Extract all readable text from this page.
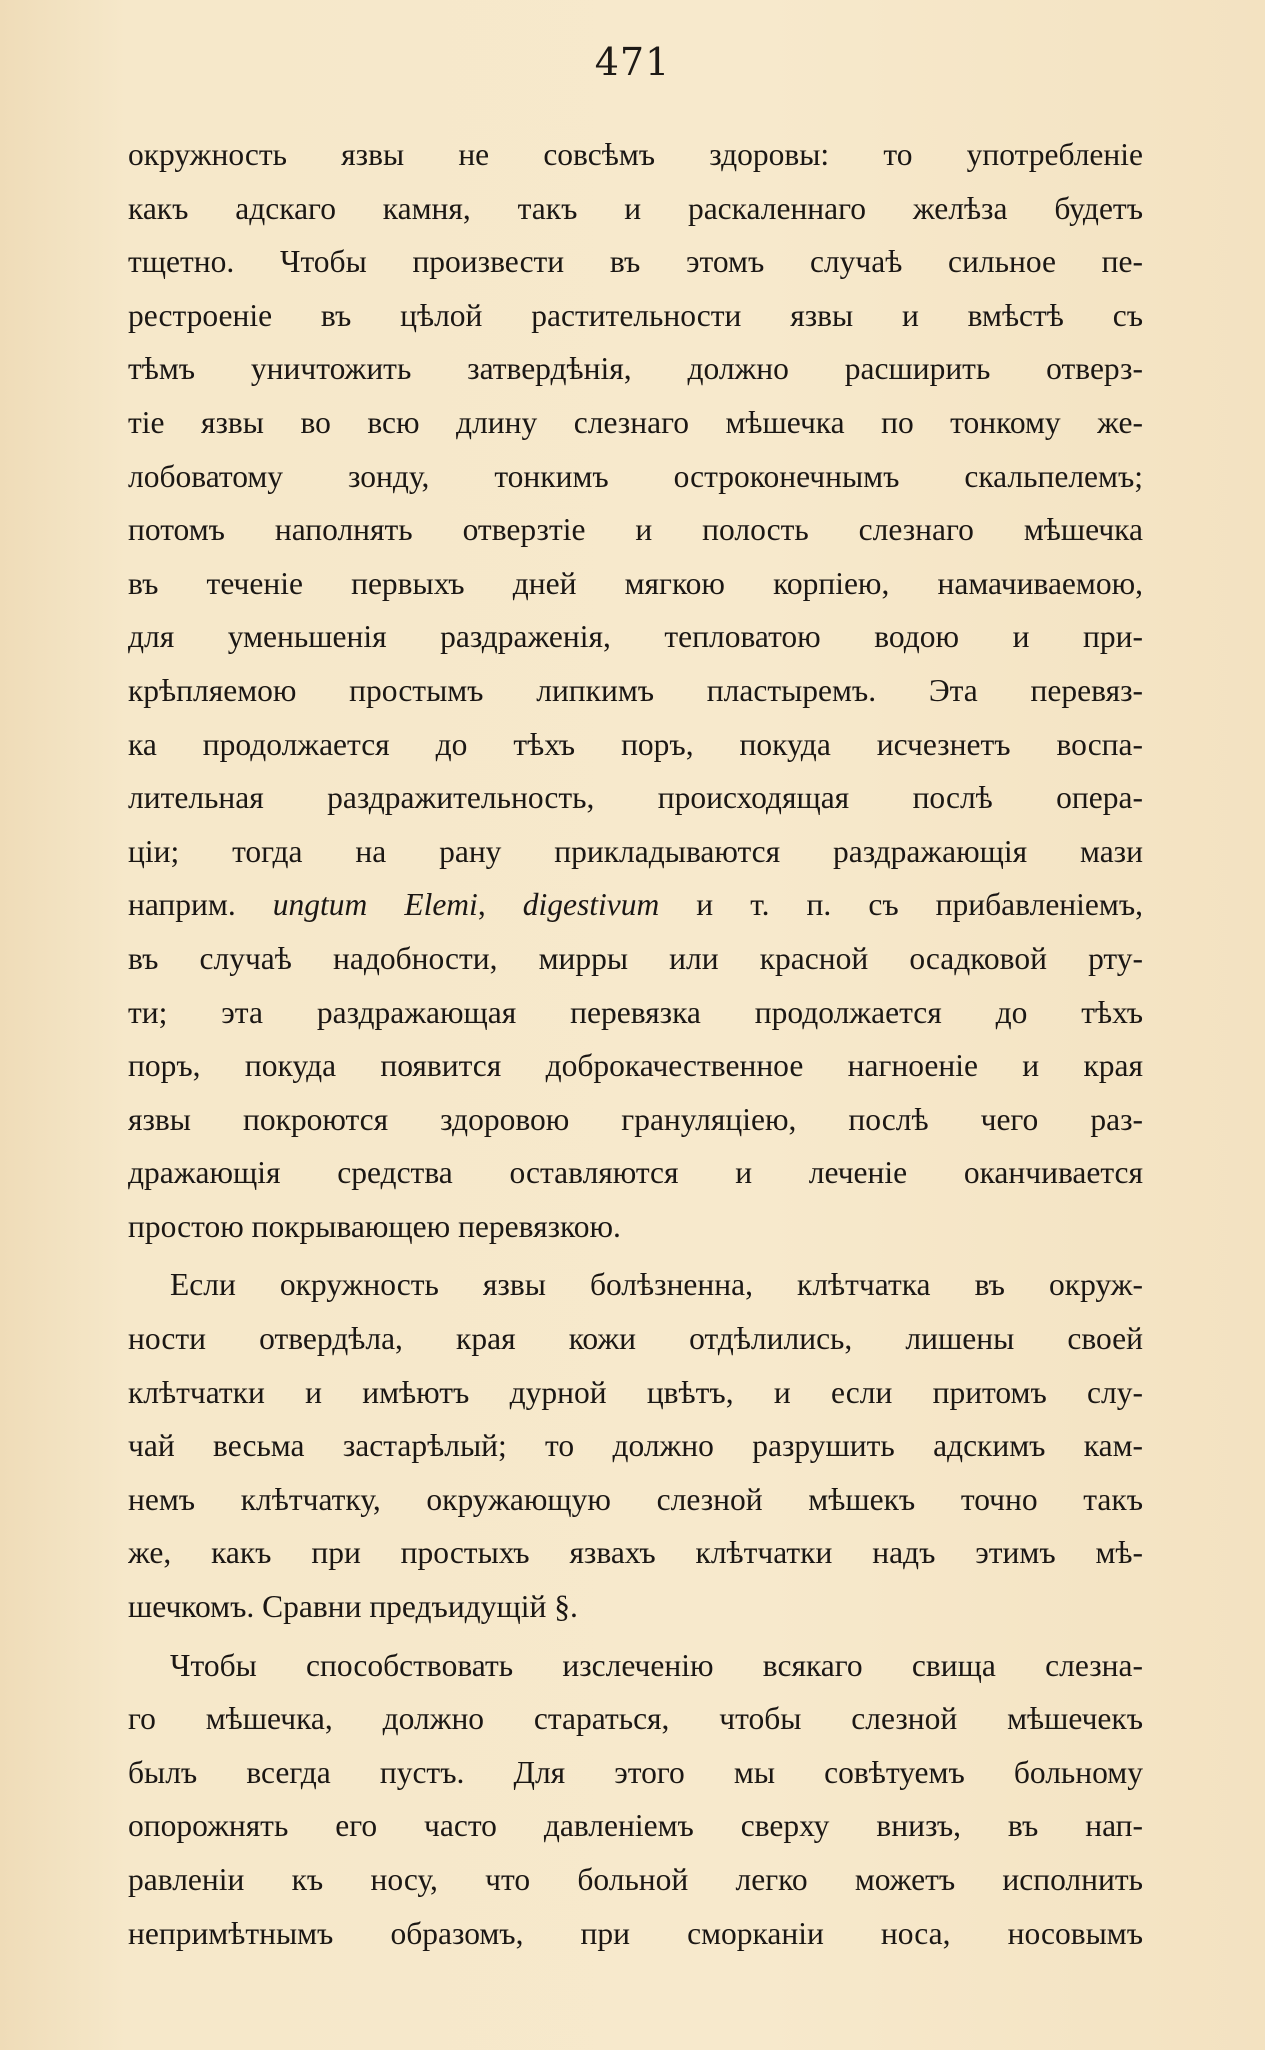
471
окружность язвы не совсѣмъ здоровы: то употребленіе
какъ адскаго камня, такъ и раскаленнаго желѣза будетъ
тщетно. Чтобы произвести въ этомъ случаѣ сильное пе-
рестроеніе въ цѣлой растительности язвы и вмѣстѣ съ
тѣмъ уничтожить затвердѣнія, должно расширить отверз-
тіе язвы во всю длину слезнаго мѣшечка по тонкому же-
лобоватому зонду, тонкимъ остроконечнымъ скальпелемъ;
потомъ наполнять отверзтіе и полость слезнаго мѣшечка
въ теченіе первыхъ дней мягкою корпіею, намачиваемою,
для уменьшенія раздраженія, тепловатою водою и при-
крѣпляемою простымъ липкимъ пластыремъ. Эта перевяз-
ка продолжается до тѣхъ поръ, покуда исчезнетъ воспа-
лительная раздражительность, происходящая послѣ опера-
ціи; тогда на рану прикладываются раздражающія мази
наприм. ungtum Elemi, digestivum и т. п. съ прибавленіемъ,
въ случаѣ надобности, мирры или красной осадковой рту-
ти; эта раздражающая перевязка продолжается до тѣхъ
поръ, покуда появится доброкачественное нагноеніе и края
язвы покроются здоровою грануляціею, послѣ чего раз-
дражающія средства оставляются и леченіе оканчивается
простою покрывающею перевязкою.
Если окружность язвы болѣзненна, клѣтчатка въ окруж-
ности отвердѣла, края кожи отдѣлились, лишены своей
клѣтчатки и имѣютъ дурной цвѣтъ, и если притомъ слу-
чай весьма застарѣлый; то должно разрушить адскимъ кам-
немъ клѣтчатку, окружающую слезной мѣшекъ точно такъ
же, какъ при простыхъ язвахъ клѣтчатки надъ этимъ мѣ-
шечкомъ. Сравни предъидущій §.
Чтобы способствовать изслеченію всякаго свища слезна-
го мѣшечка, должно стараться, чтобы слезной мѣшечекъ
былъ всегда пустъ. Для этого мы совѣтуемъ больному
опорожнять его часто давленіемъ сверху внизъ, въ нап-
равленіи къ носу, что больной легко можетъ исполнить
непримѣтнымъ образомъ, при сморканіи носа, носовымъ
